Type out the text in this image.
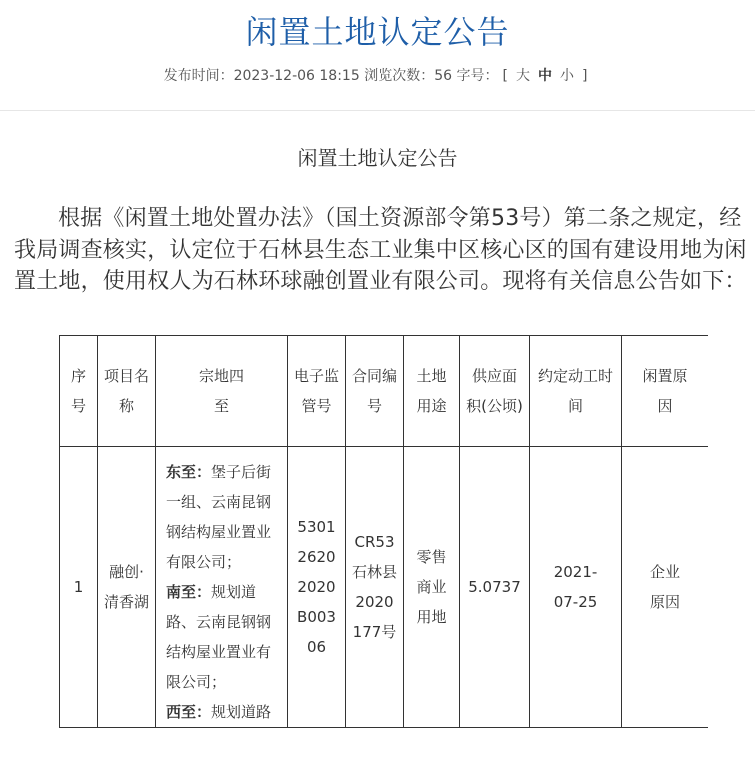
闲置土地认定公告
发布时间：2023-12-06 18:15 浏览次数：56 字号： [ 大 中 小 ]
闲置土地认定公告

根据《闲置土地处置办法》（国土资源部令第53号）第二条之规定，经我局调查核实，认定位于石林县生态工业集中区核心区的国有建设用地为闲置土地，使用权人为石林环球融创置业有限公司。现将有关信息公告如下：

序号	项目名称	宗地四至	电子监管号	合同编号	土地用途	供应面积(公顷)	约定动工时间	闲置原因
1	融创·清香湖	东至：堡子后街一组、云南昆钢钢结构屋业置业有限公司；

南至：规划道路、云南昆钢钢结构屋业置业有限公司；

西至：规划道路	530126202020B00306	CR53石林县2020177号	零售商业用地	5.0737	2021-07-25	企业原因
